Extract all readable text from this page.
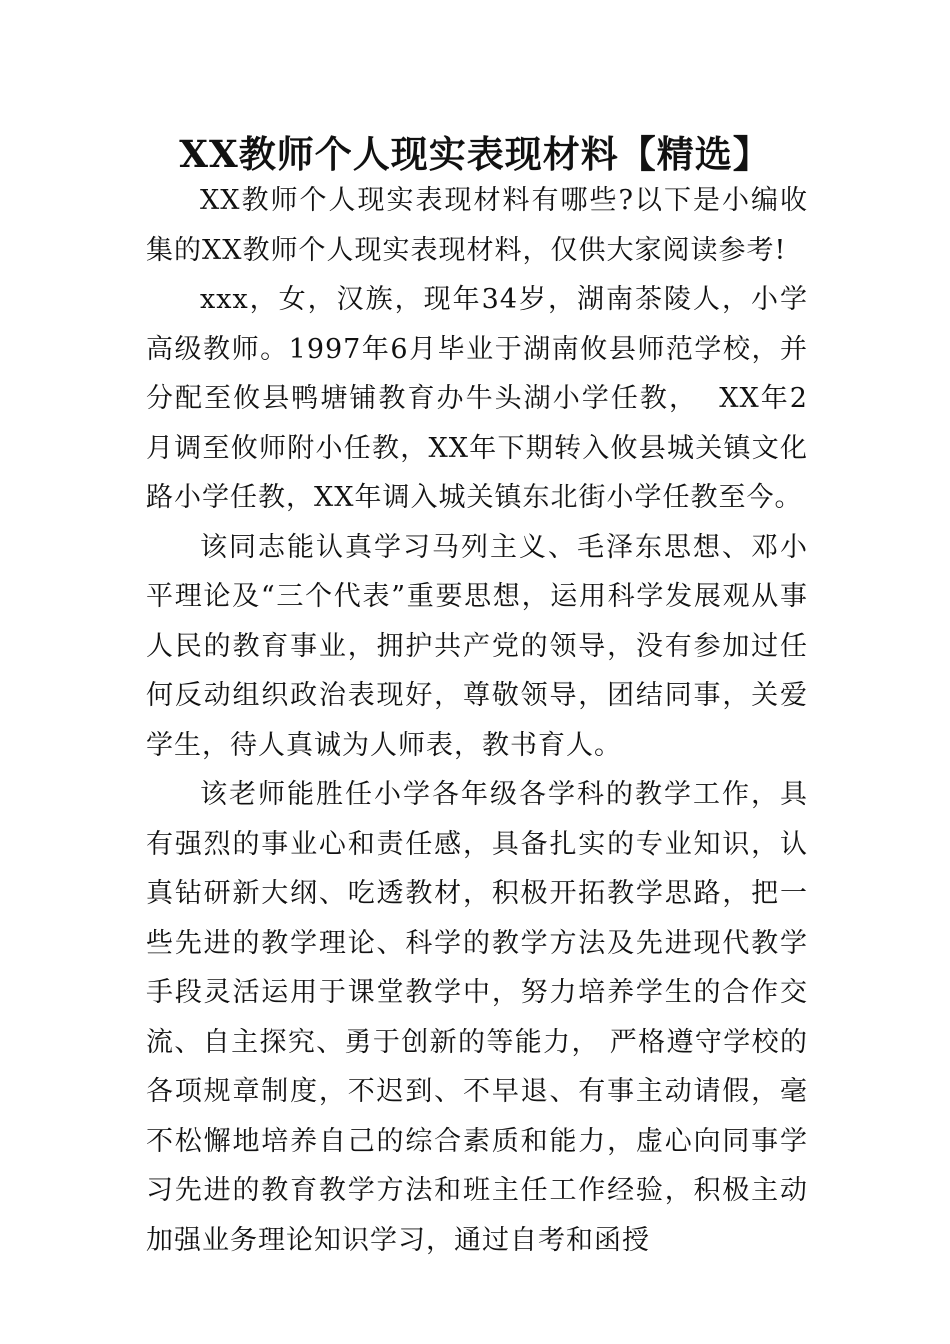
XX教师个人现实表现材料【精选】

XX教师个人现实表现材料有哪些?以下是小编收集的XX教师个人现实表现材料，仅供大家阅读参考!

xxx，女，汉族，现年34岁，湖南茶陵人，小学高级教师。1997年6月毕业于湖南攸县师范学校，并分配至攸县鸭塘铺教育办牛头湖小学任教，  XX年2月调至攸师附小任教，XX年下期转入攸县城关镇文化路小学任教，XX年调入城关镇东北街小学任教至今。

该同志能认真学习马列主义、毛泽东思想、邓小平理论及“三个代表”重要思想，运用科学发展观从事人民的教育事业，拥护共产党的领导，没有参加过任何反动组织政治表现好，尊敬领导，团结同事，关爱学生，待人真诚为人师表，教书育人。

该老师能胜任小学各年级各学科的教学工作，具有强烈的事业心和责任感，具备扎实的专业知识，认真钻研新大纲、吃透教材，积极开拓教学思路，把一些先进的教学理论、科学的教学方法及先进现代教学手段灵活运用于课堂教学中，努力培养学生的合作交流、自主探究、勇于创新的等能力， 严格遵守学校的各项规章制度，不迟到、不早退、有事主动请假，毫不松懈地培养自己的综合素质和能力，虚心向同事学习先进的教育教学方法和班主任工作经验，积极主动加强业务理论知识学习，通过自考和函授
